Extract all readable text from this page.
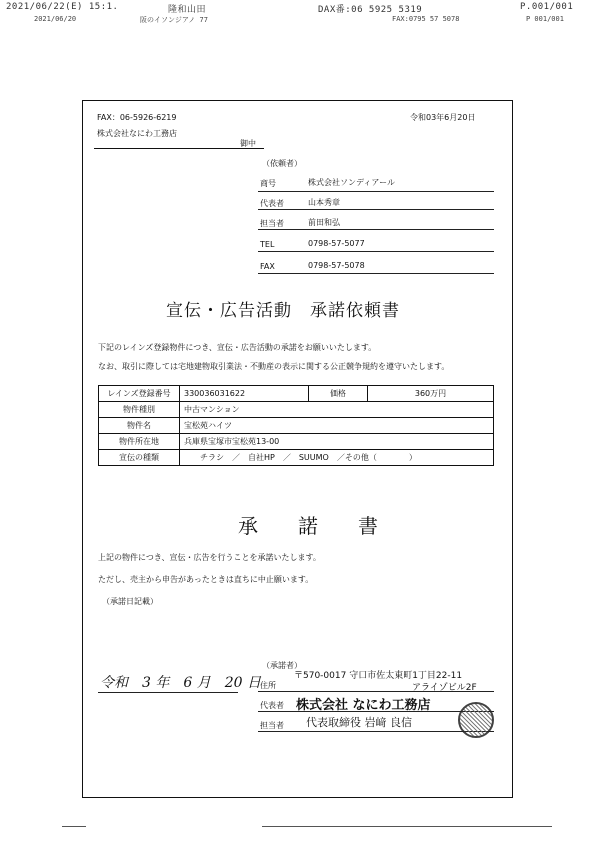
2021/06/22(E) 15:1.	隆和山田	DAX番:06 5925 5319	P.001/001
2021/06/20	阪のイソンジアノ 77	FAX:0795 57 5078	P 001/001
FAX：06-5926-6219	令和03年6月20日
株式会社なにわ工務店
御中
（依頼者）
商号	株式会社ソンディアール
代表者	山本秀章
担当者	前田和弘
TEL	0798-57-5077
FAX	0798-57-5078
宣伝・広告活動　承諾依頼書
下記のレインズ登録物件につき、宣伝・広告活動の承諾をお願いいたします。
なお、取引に際しては宅地建物取引業法・不動産の表示に関する公正競争規約を遵守いたします。
レインズ登録番号	330036031622	価格	360万円
物件種別	中古マンション		
物件名	宝松苑ハイツ		
物件所在地	兵庫県宝塚市宝松苑13-00		
宣伝の種類	チラシ　／　自社HP　／　SUUMO　／その他（　　　　）		
承　　諾　　書
上記の物件につき、宣伝・広告を行うことを承諾いたします。
ただし、売主から申告があったときは直ちに中止願います。
（承諾日記載）
令和　3 年　6 月　20 日
（承諾者）
住所
〒570-0017 守口市佐太東町1丁目22-11
アライゾビル2F
代表者 株式会社 なにわ工務店
担当者 代表取締役 岩﨑 良信
